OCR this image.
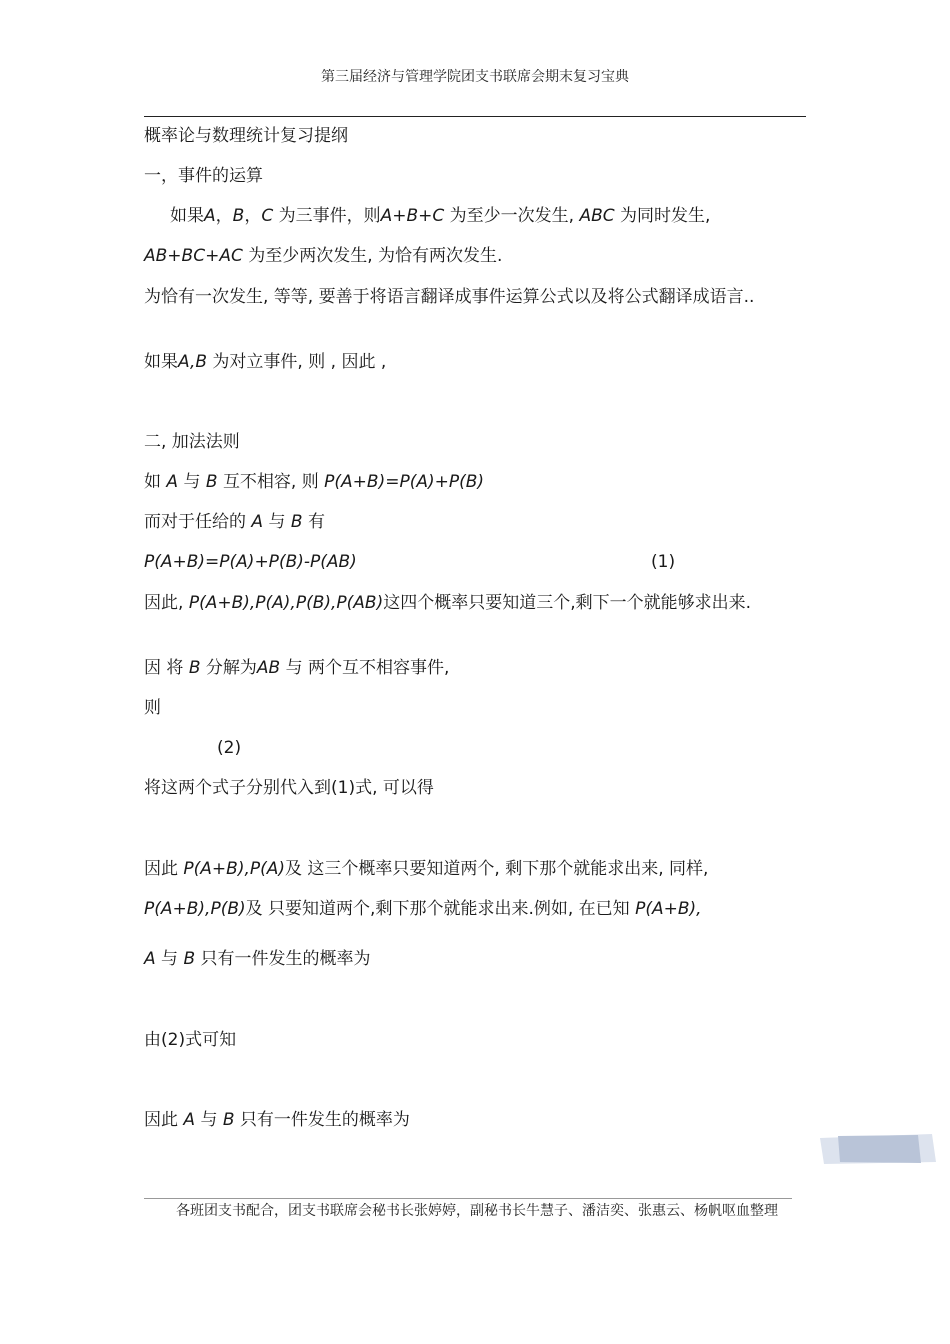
第三届经济与管理学院团支书联席会期末复习宝典
概率论与数理统计复习提纲
一，事件的运算
如果A，B，C 为三事件，则A+B+C 为至少一次发生, ABC 为同时发生,
AB+BC+AC 为至少两次发生, 为恰有两次发生.
为恰有一次发生, 等等, 要善于将语言翻译成事件运算公式以及将公式翻译成语言..
如果A,B 为对立事件, 则 , 因此 ,
二, 加法法则
如 A 与 B 互不相容, 则 P(A+B)=P(A)+P(B)
而对于任给的 A 与 B 有
P(A+B)=P(A)+P(B)-P(AB)	(1)
因此, P(A+B),P(A),P(B),P(AB)这四个概率只要知道三个,剩下一个就能够求出来.
因 将 B 分解为AB 与 两个互不相容事件,
则
(2)
将这两个式子分别代入到(1)式, 可以得
因此 P(A+B),P(A)及 这三个概率只要知道两个, 剩下那个就能求出来, 同样,
P(A+B),P(B)及 只要知道两个,剩下那个就能求出来.例如, 在已知 P(A+B),
A 与 B 只有一件发生的概率为
由(2)式可知
因此 A 与 B 只有一件发生的概率为
各班团支书配合，团支书联席会秘书长张婷婷，副秘书长牛慧子、潘洁奕、张惠云、杨帆呕血整理
